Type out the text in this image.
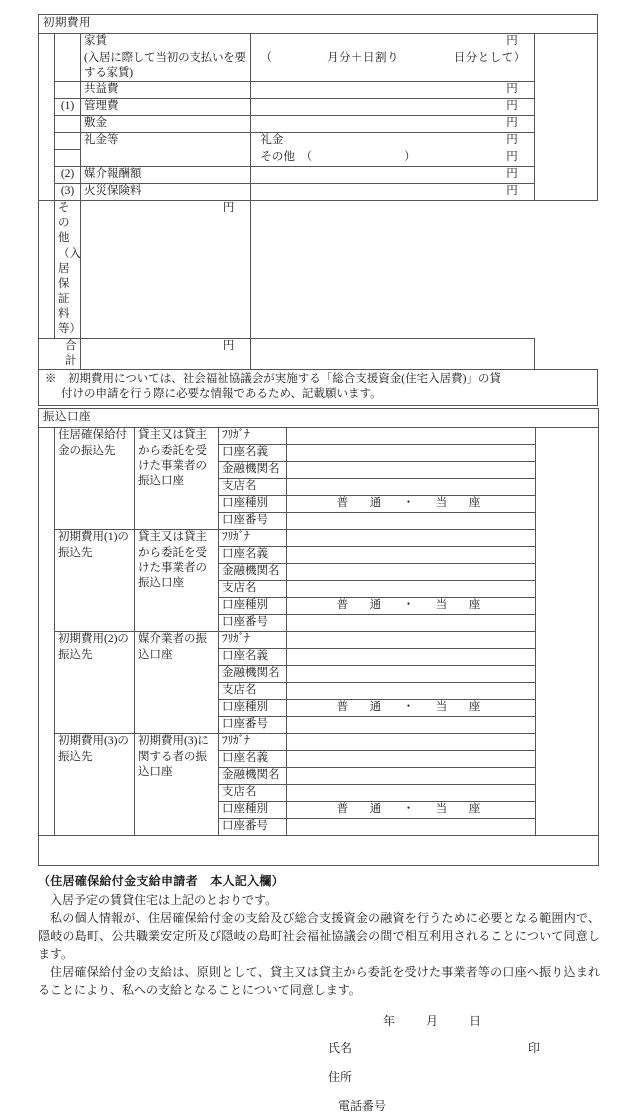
初期費用				
		家賃	円	

		(入居に際して当初の支払いを要する家賃)	（ 月分＋日割り 日分として）	

		共益費	円	

	(1)	管理費	円	

		敷金	円	

		礼金等	礼金 円	

			その他　（　　　　　　　　） 円	

	(2)	媒介報酬額	円	

	(3)	火災保険料	円	

	その他　（入居保証料等）	円		

合計		円		

※ 初期費用については、社会福祉協議会が実施する「総合支援資金(住宅入居費)」の貸

付けの申請を行う際に必要な情報であるため、記載願います。				

振込口座					
	住居確保給付金の振込先	貸主又は貸主から委託を受けた事業者の振込口座	ﾌﾘｶﾞﾅ		
			口座名義		
			金融機関名		
			支店名		
			口座種別	普　通　・　当　座	
			口座番号		
	初期費用(1)の振込先	貸主又は貸主から委託を受けた事業者の振込口座	ﾌﾘｶﾞﾅ		
			口座名義		
			金融機関名		
			支店名		
			口座種別	普　通　・　当　座	
			口座番号		
	初期費用(2)の振込先	媒介業者の振込口座	ﾌﾘｶﾞﾅ		
			口座名義		
			金融機関名		
			支店名		
			口座種別	普　通　・　当　座	
			口座番号		
	初期費用(3)の振込先	初期費用(3)に関する者の振込口座	ﾌﾘｶﾞﾅ		
			口座名義		
			金融機関名		
			支店名		
			口座種別	普　通　・　当　座	
			口座番号		

（住居確保給付金支給申請者　本人記入欄）

入居予定の賃貸住宅は上記のとおりです。

私の個人情報が、住居確保給付金の支給及び総合支援資金の融資を行うために必要となる範囲内で、隠岐の島町、公共職業安定所及び隠岐の島町社会福祉協議会の間で相互利用されることについて同意します。

住居確保給付金の支給は、原則として、貸主又は貸主から委託を受けた事業者等の口座へ振り込まれることにより、私への支給となることについて同意します。

年	月	日
氏名	印
住所
電話番号
